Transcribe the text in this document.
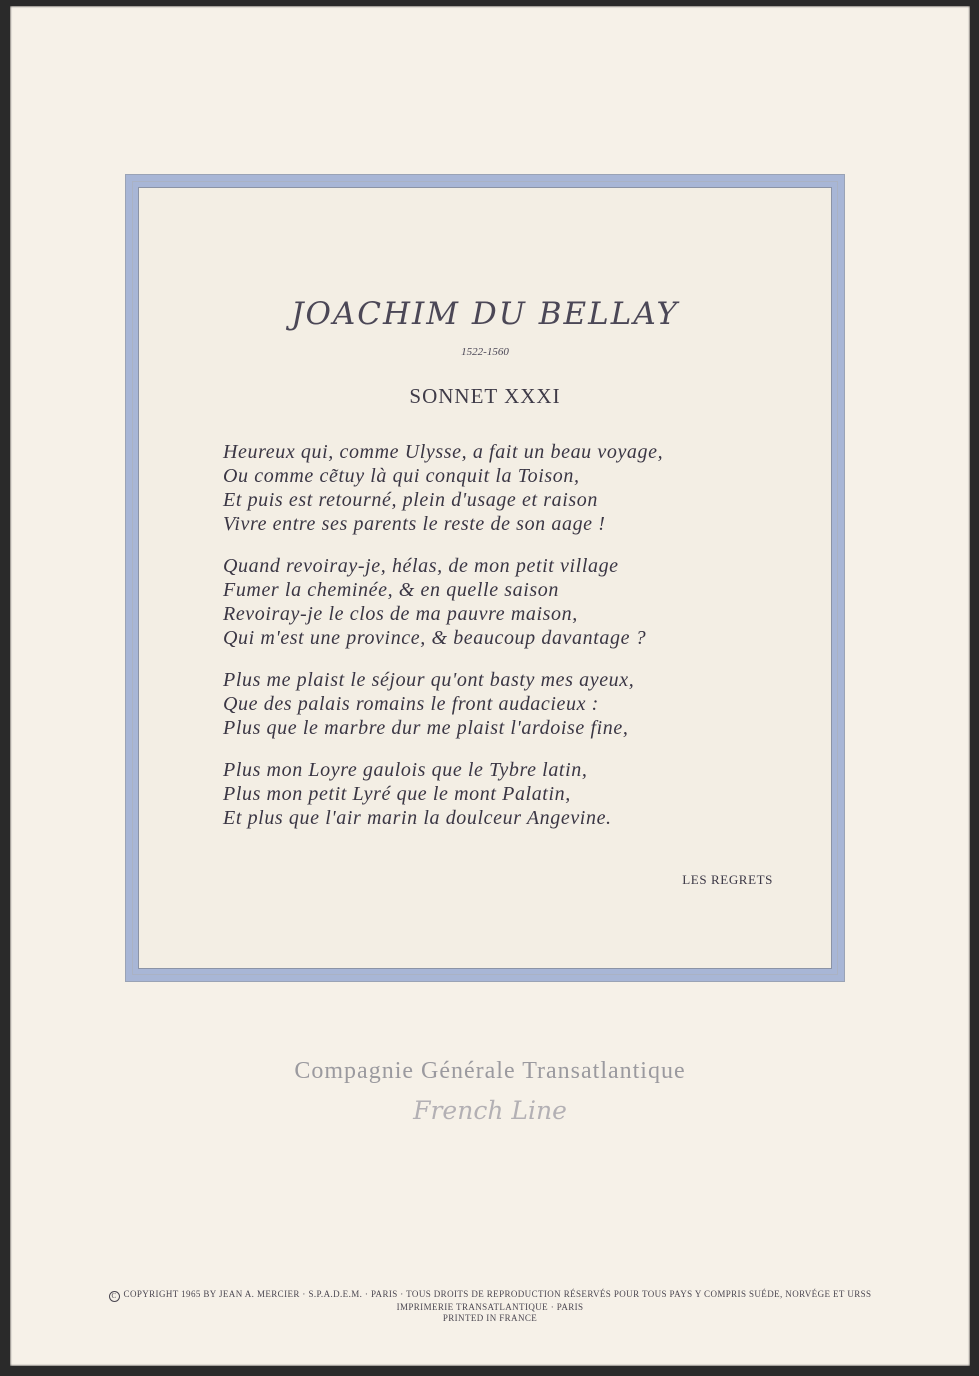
JOACHIM DU BELLAY
1522-1560
SONNET XXXI
Heureux qui, comme Ulysse, a fait un beau voyage,
Ou comme ce͂tuy là qui conquit la Toison,
Et puis est retourné, plein d'usage et raison
Vivre entre ses parents le reste de son aage !
Quand revoiray-je, hélas, de mon petit village
Fumer la cheminée, & en quelle saison
Revoiray-je le clos de ma pauvre maison,
Qui m'est une province, & beaucoup davantage ?
Plus me plaist le séjour qu'ont basty mes ayeux,
Que des palais romains le front audacieux :
Plus que le marbre dur me plaist l'ardoise fine,
Plus mon Loyre gaulois que le Tybre latin,
Plus mon petit Lyré que le mont Palatin,
Et plus que l'air marin la doulceur Angevine.
LES REGRETS
Compagnie Générale Transatlantique
French Line
C COPYRIGHT 1965 BY JEAN A. MERCIER · S.P.A.D.E.M. · PARIS · TOUS DROITS DE REPRODUCTION RÉSERVÉS POUR TOUS PAYS Y COMPRIS SUÉDE, NORVÉGE ET URSS
IMPRIMERIE TRANSATLANTIQUE · PARIS
PRINTED IN FRANCE
